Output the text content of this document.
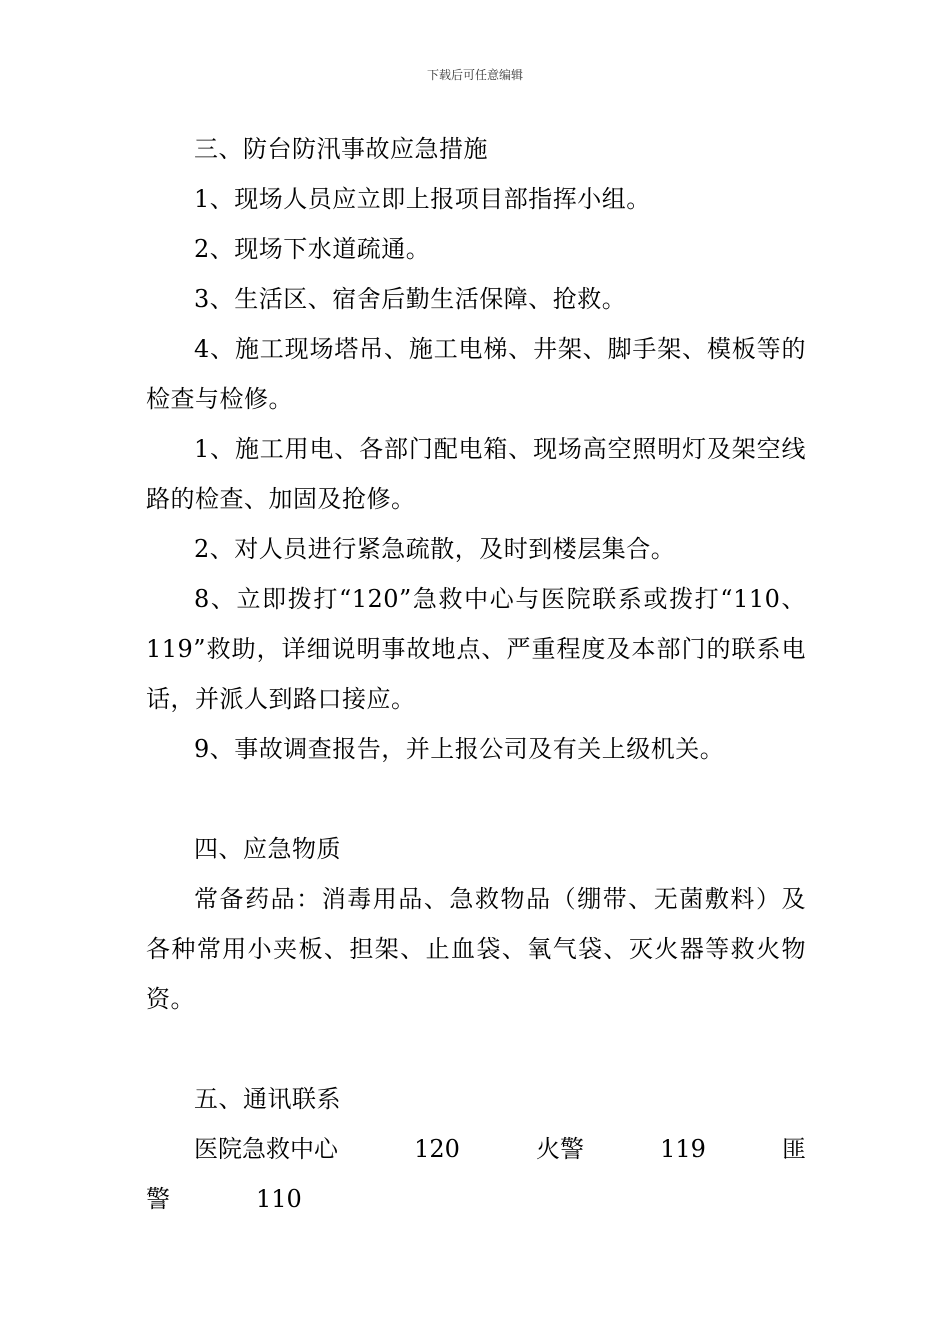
下载后可任意编辑

三、防台防汛事故应急措施

1、现场人员应立即上报项目部指挥小组。

2、现场下水道疏通。

3、生活区、宿舍后勤生活保障、抢救。

4、施工现场塔吊、施工电梯、井架、脚手架、模板等的检查与检修。

1、施工用电、各部门配电箱、现场高空照明灯及架空线路的检查、加固及抢修。

2、对人员进行紧急疏散，及时到楼层集合。

8、立即拨打“120”急救中心与医院联系或拨打“110、119”救助，详细说明事故地点、严重程度及本部门的联系电话，并派人到路口接应。

9、事故调查报告，并上报公司及有关上级机关。

四、应急物质

常备药品：消毒用品、急救物品（绷带、无菌敷料）及各种常用小夹板、担架、止血袋、氧气袋、灭火器等救火物资。

五、通讯联系

医院急救中心	120	火警	119	匪
警	110
